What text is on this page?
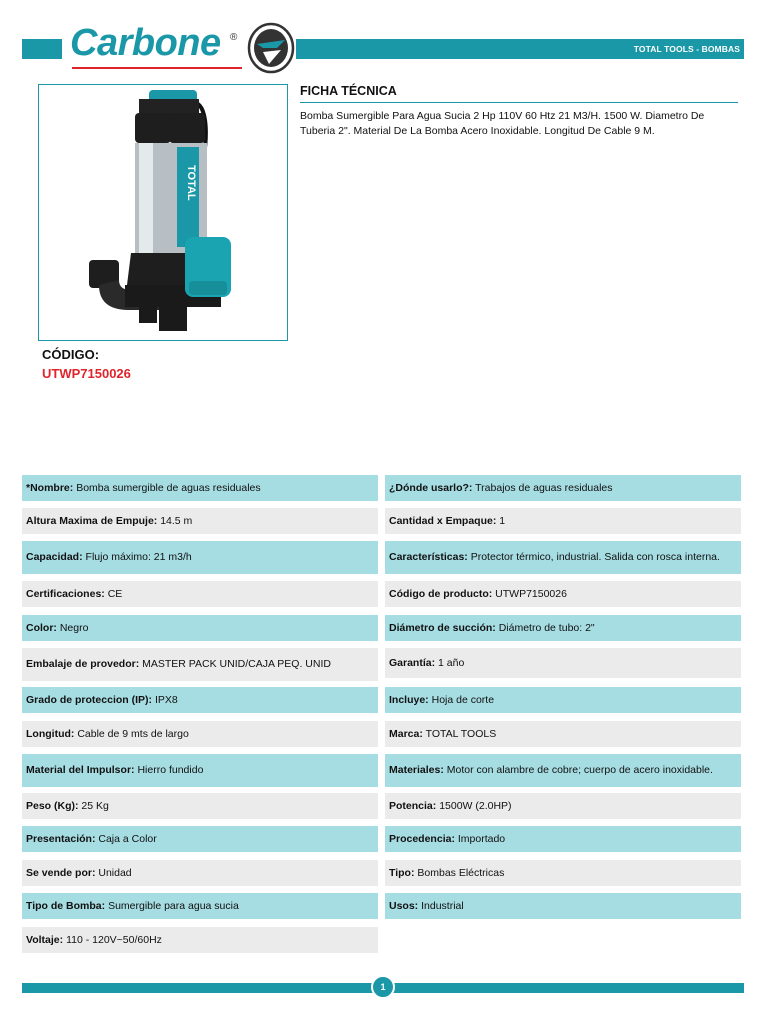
Carbone ®
TOTAL TOOLS - BOMBAS
TOTAL
CÓDIGO:
UTWP7150026
FICHA TÉCNICA
Bomba Sumergible Para Agua Sucia 2 Hp 110V 60 Htz 21 M3/H. 1500 W. Diametro De Tuberia 2". Material De La Bomba Acero Inoxidable. Longitud De Cable 9 M.
*Nombre: Bomba sumergible de aguas residuales
Altura Maxima de Empuje: 14.5 m
Capacidad: Flujo máximo: 21 m3/h
Certificaciones: CE
Color: Negro
Embalaje de provedor: MASTER PACK UNID/CAJA PEQ. UNID
Grado de proteccion (IP): IPX8
Longitud: Cable de 9 mts de largo
Material del Impulsor: Hierro fundido
Peso (Kg): 25 Kg
Presentación: Caja a Color
Se vende por: Unidad
Tipo de Bomba: Sumergible para agua sucia
Voltaje: 110 - 120V~50/60Hz
¿Dónde usarlo?: Trabajos de aguas residuales
Cantidad x Empaque: 1
Características: Protector térmico, industrial. Salida con rosca interna.
Código de producto: UTWP7150026
Diámetro de succión: Diámetro de tubo: 2"
Garantía: 1 año
Incluye: Hoja de corte
Marca: TOTAL TOOLS
Materiales: Motor con alambre de cobre; cuerpo de acero inoxidable.
Potencia: 1500W (2.0HP)
Procedencia: Importado
Tipo: Bombas Eléctricas
Usos: Industrial
1
